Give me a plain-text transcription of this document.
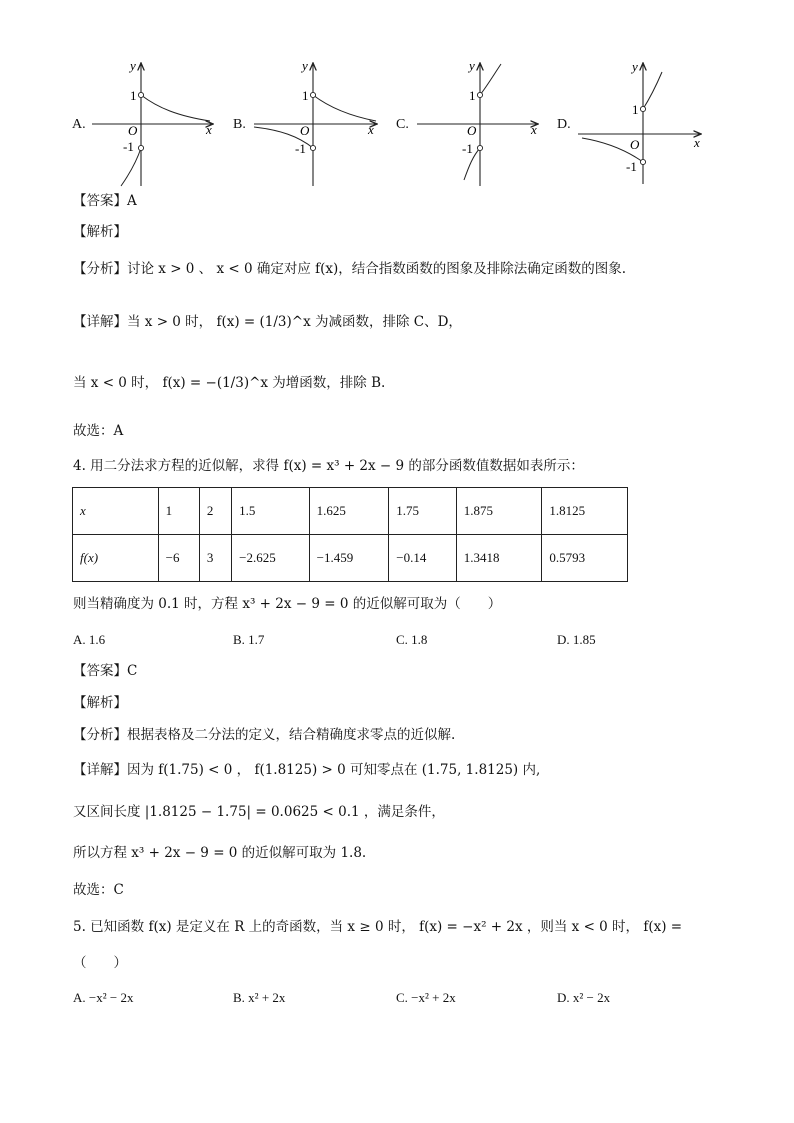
A.
y
x
O
1
-1
B.
y
x
O
1
-1
C.
y
x
O
1
-1
D.
y
x
O
1
-1
【答案】A
【解析】
【分析】讨论 x > 0 、 x < 0 确定对应 f(x)，结合指数函数的图象及排除法确定函数的图象.
【详解】当 x > 0 时， f(x) = (1/3)^x 为减函数，排除 C、D，
当 x < 0 时， f(x) = −(1/3)^x 为增函数，排除 B.
故选：A
4. 用二分法求方程的近似解，求得 f(x) = x³ + 2x − 9 的部分函数值数据如表所示：
x	1	2	1.5	1.625	1.75	1.875	1.8125
f(x)	−6	3	−2.625	−1.459	−0.14	1.3418	0.5793
则当精确度为 0.1 时，方程 x³ + 2x − 9 = 0 的近似解可取为（　　）
A. 1.6	B. 1.7	C. 1.8	D. 1.85
【答案】C
【解析】
【分析】根据表格及二分法的定义，结合精确度求零点的近似解.
【详解】因为 f(1.75) < 0 ， f(1.8125) > 0 可知零点在 (1.75, 1.8125) 内,
又区间长度 |1.8125 − 1.75| = 0.0625 < 0.1 ，满足条件，
所以方程 x³ + 2x − 9 = 0 的近似解可取为 1.8.
故选：C
5. 已知函数 f(x) 是定义在 R 上的奇函数，当 x ≥ 0 时， f(x) = −x² + 2x ，则当 x < 0 时， f(x) =
（　　）
A. −x² − 2x	B. x² + 2x	C. −x² + 2x	D. x² − 2x
